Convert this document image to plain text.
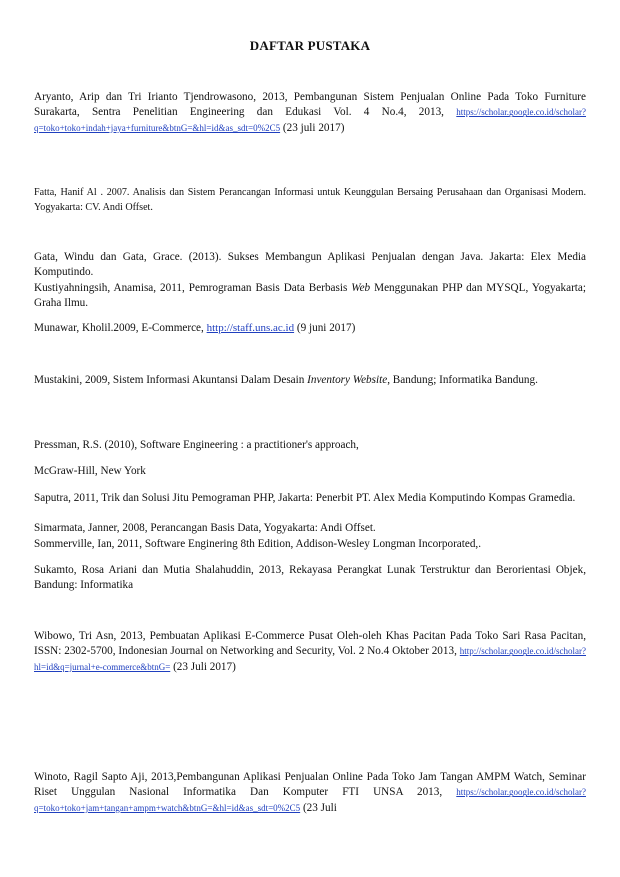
DAFTAR PUSTAKA
Aryanto, Arip dan Tri Irianto Tjendrowasono, 2013, Pembangunan Sistem Penjualan Online Pada Toko Furniture Surakarta, Sentra Penelitian Engineering dan Edukasi Vol. 4 No.4, 2013, https://scholar.google.co.id/scholar?q=toko+toko+indah+jaya+furniture&btnG=&hl=id&as_sdt=0%2C5 (23 juli 2017)
Fatta, Hanif Al . 2007. Analisis dan Sistem Perancangan Informasi untuk Keunggulan Bersaing Perusahaan dan Organisasi Modern. Yogyakarta: CV. Andi Offset.
Gata, Windu dan Gata, Grace. (2013). Sukses Membangun Aplikasi Penjualan dengan Java. Jakarta: Elex Media Komputindo.
Kustiyahningsih, Anamisa, 2011, Pemrograman Basis Data Berbasis Web Menggunakan PHP dan MYSQL, Yogyakarta; Graha Ilmu.
Munawar, Kholil.2009, E-Commerce, http://staff.uns.ac.id (9 juni 2017)
Mustakini, 2009, Sistem Informasi Akuntansi Dalam Desain Inventory Website, Bandung; Informatika Bandung.
Pressman, R.S. (2010), Software Engineering : a practitioner's approach,
McGraw-Hill, New York
Saputra, 2011, Trik dan Solusi Jitu Pemograman PHP, Jakarta: Penerbit PT. Alex Media Komputindo Kompas Gramedia.
Simarmata, Janner, 2008, Perancangan Basis Data, Yogyakarta: Andi Offset.
Sommerville, Ian, 2011, Software Enginering 8th Edition, Addison-Wesley Longman Incorporated,.
Sukamto, Rosa Ariani dan Mutia Shalahuddin, 2013, Rekayasa Perangkat Lunak Terstruktur dan Berorientasi Objek, Bandung: Informatika
Wibowo, Tri Asn, 2013, Pembuatan Aplikasi E-Commerce Pusat Oleh-oleh Khas Pacitan Pada Toko Sari Rasa Pacitan, ISSN: 2302-5700, Indonesian Journal on Networking and Security, Vol. 2 No.4 Oktober 2013, http://scholar.google.co.id/scholar?hl=id&q=jurnal+e-commerce&btnG= (23 Juli 2017)
Winoto, Ragil Sapto Aji, 2013,Pembangunan Aplikasi Penjualan Online Pada Toko Jam Tangan AMPM Watch, Seminar Riset Unggulan Nasional Informatika Dan Komputer FTI UNSA 2013, https://scholar.google.co.id/scholar?q=toko+toko+jam+tangan+ampm+watch&btnG=&hl=id&as_sdt=0%2C5 (23 Juli
